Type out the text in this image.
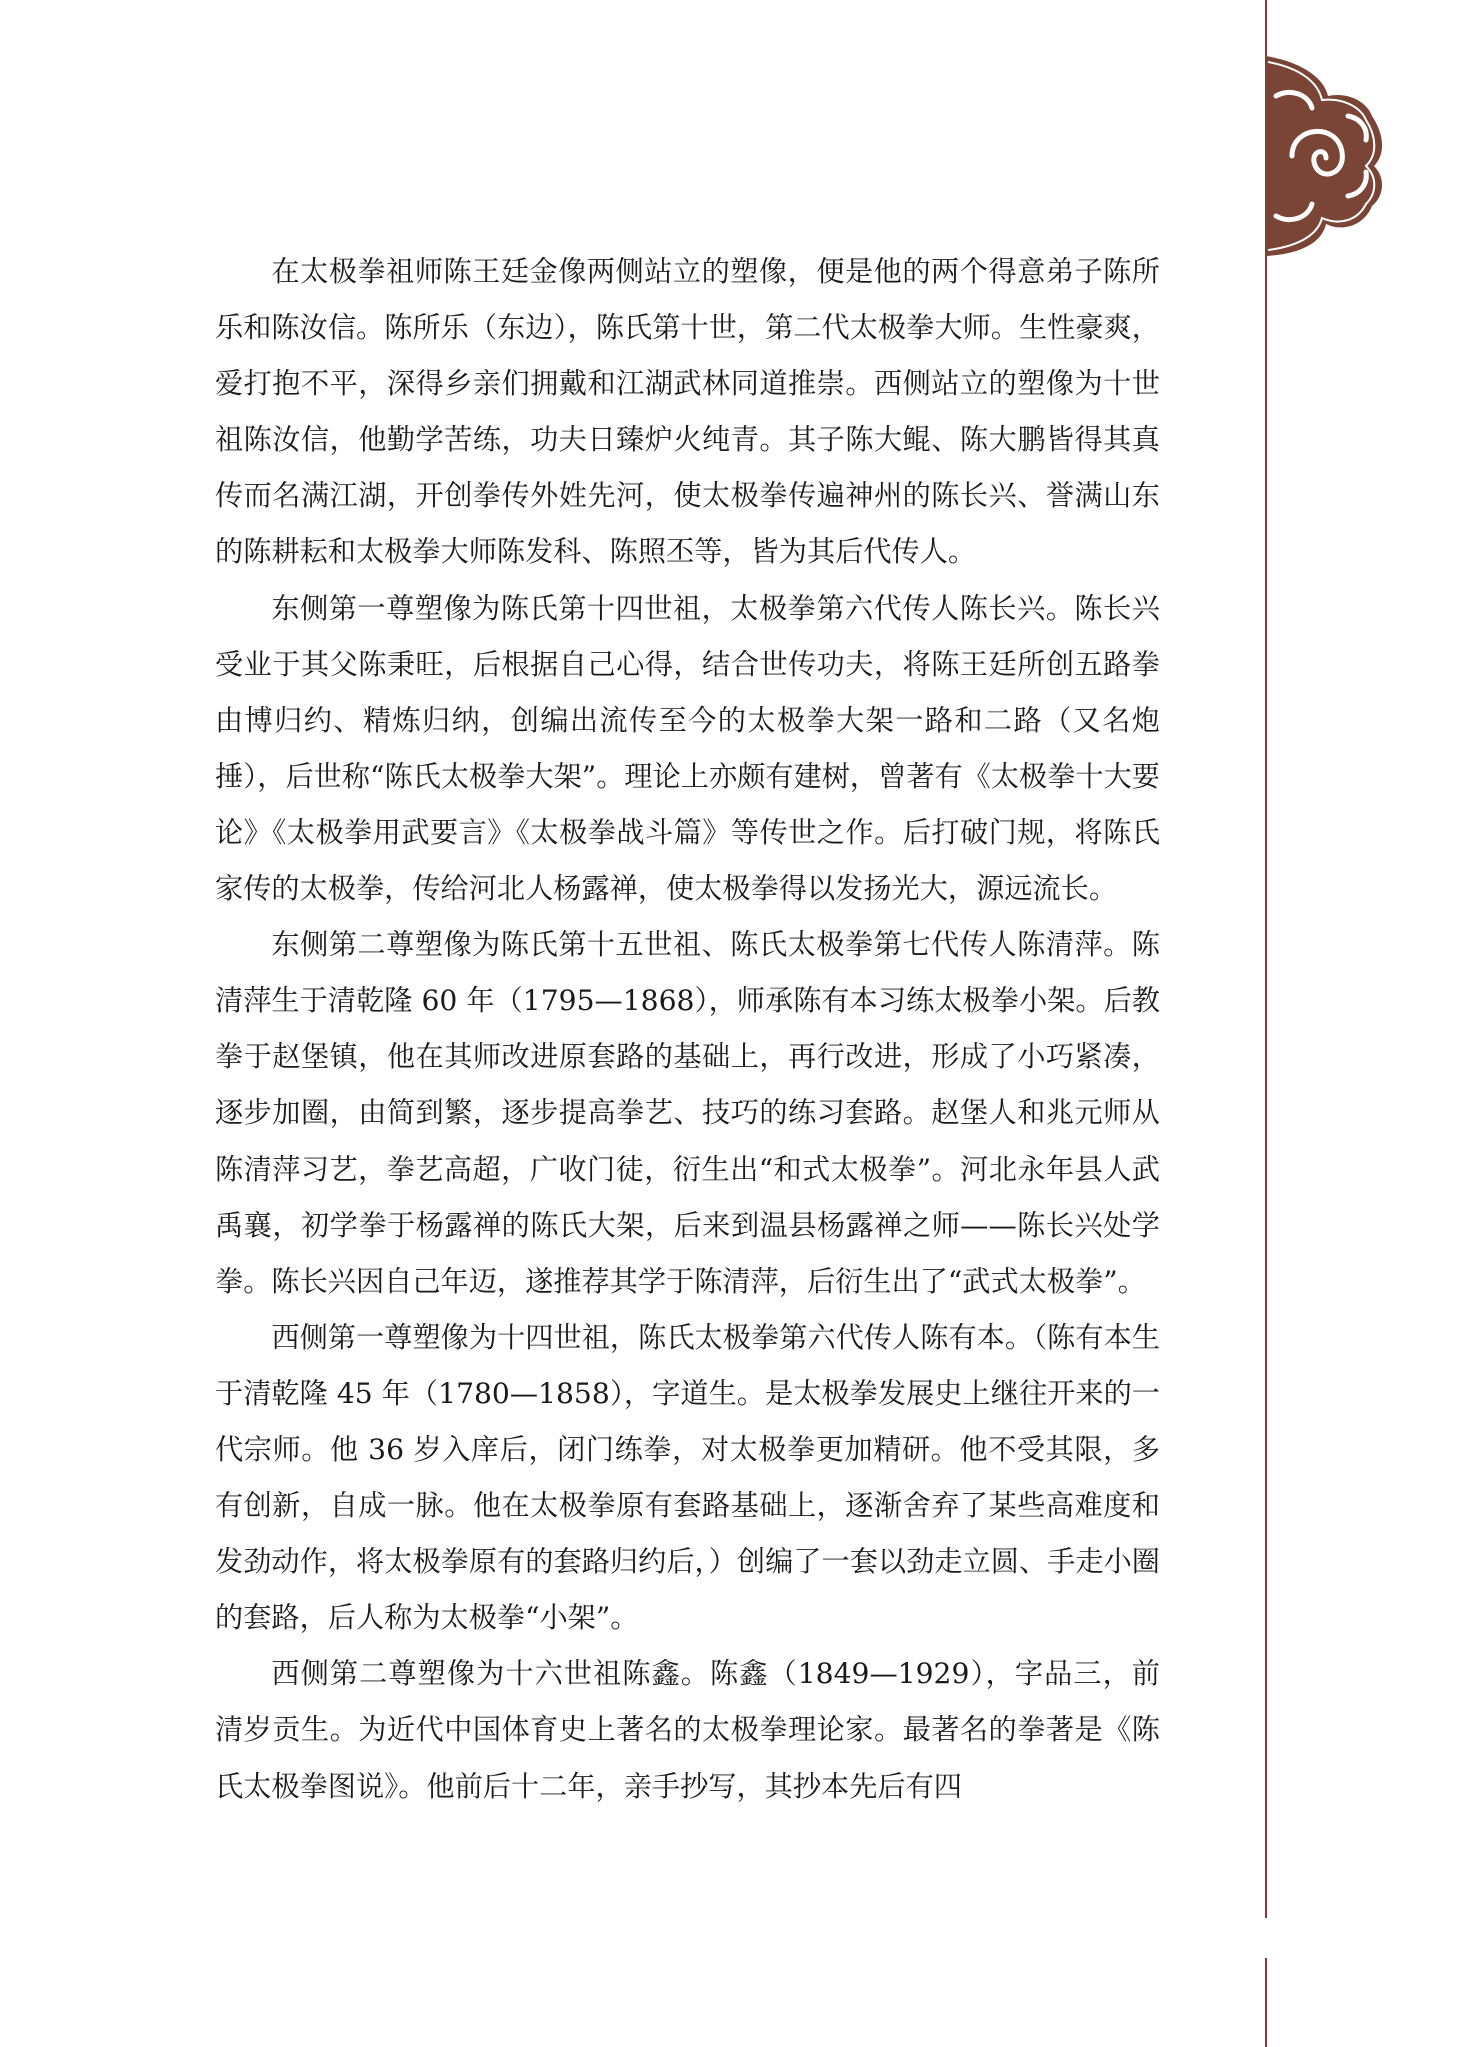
在太极拳祖师陈王廷金像两侧站立的塑像，便是他的两个得意弟子陈所乐和陈汝信。陈所乐（东边），陈氏第十世，第二代太极拳大师。生性豪爽，爱打抱不平，深得乡亲们拥戴和江湖武林同道推崇。西侧站立的塑像为十世祖陈汝信，他勤学苦练，功夫日臻炉火纯青。其子陈大鲲、陈大鹏皆得其真传而名满江湖，开创拳传外姓先河，使太极拳传遍神州的陈长兴、誉满山东的陈耕耘和太极拳大师陈发科、陈照丕等，皆为其后代传人。

东侧第一尊塑像为陈氏第十四世祖，太极拳第六代传人陈长兴。陈长兴受业于其父陈秉旺，后根据自己心得，结合世传功夫，将陈王廷所创五路拳由博归约、精炼归纳，创编出流传至今的太极拳大架一路和二路（又名炮捶），后世称“陈氏太极拳大架”。理论上亦颇有建树，曾著有《太极拳十大要论》《太极拳用武要言》《太极拳战斗篇》等传世之作。后打破门规，将陈氏家传的太极拳，传给河北人杨露禅，使太极拳得以发扬光大，源远流长。

东侧第二尊塑像为陈氏第十五世祖、陈氏太极拳第七代传人陈清萍。陈清萍生于清乾隆 60 年（1795—1868），师承陈有本习练太极拳小架。后教拳于赵堡镇，他在其师改进原套路的基础上，再行改进，形成了小巧紧凑，逐步加圈，由简到繁，逐步提高拳艺、技巧的练习套路。赵堡人和兆元师从陈清萍习艺，拳艺高超，广收门徒，衍生出“和式太极拳”。河北永年县人武禹襄，初学拳于杨露禅的陈氏大架，后来到温县杨露禅之师——陈长兴处学拳。陈长兴因自己年迈，遂推荐其学于陈清萍，后衍生出了“武式太极拳”。

西侧第一尊塑像为十四世祖，陈氏太极拳第六代传人陈有本。（陈有本生于清乾隆 45 年（1780—1858），字道生。是太极拳发展史上继往开来的一代宗师。他 36 岁入庠后，闭门练拳，对太极拳更加精研。他不受其限，多有创新，自成一脉。他在太极拳原有套路基础上，逐渐舍弃了某些高难度和发劲动作，将太极拳原有的套路归约后，）创编了一套以劲走立圆、手走小圈的套路，后人称为太极拳“小架”。

西侧第二尊塑像为十六世祖陈鑫。陈鑫（1849—1929），字品三，前清岁贡生。为近代中国体育史上著名的太极拳理论家。最著名的拳著是《陈氏太极拳图说》。他前后十二年，亲手抄写，其抄本先后有四
